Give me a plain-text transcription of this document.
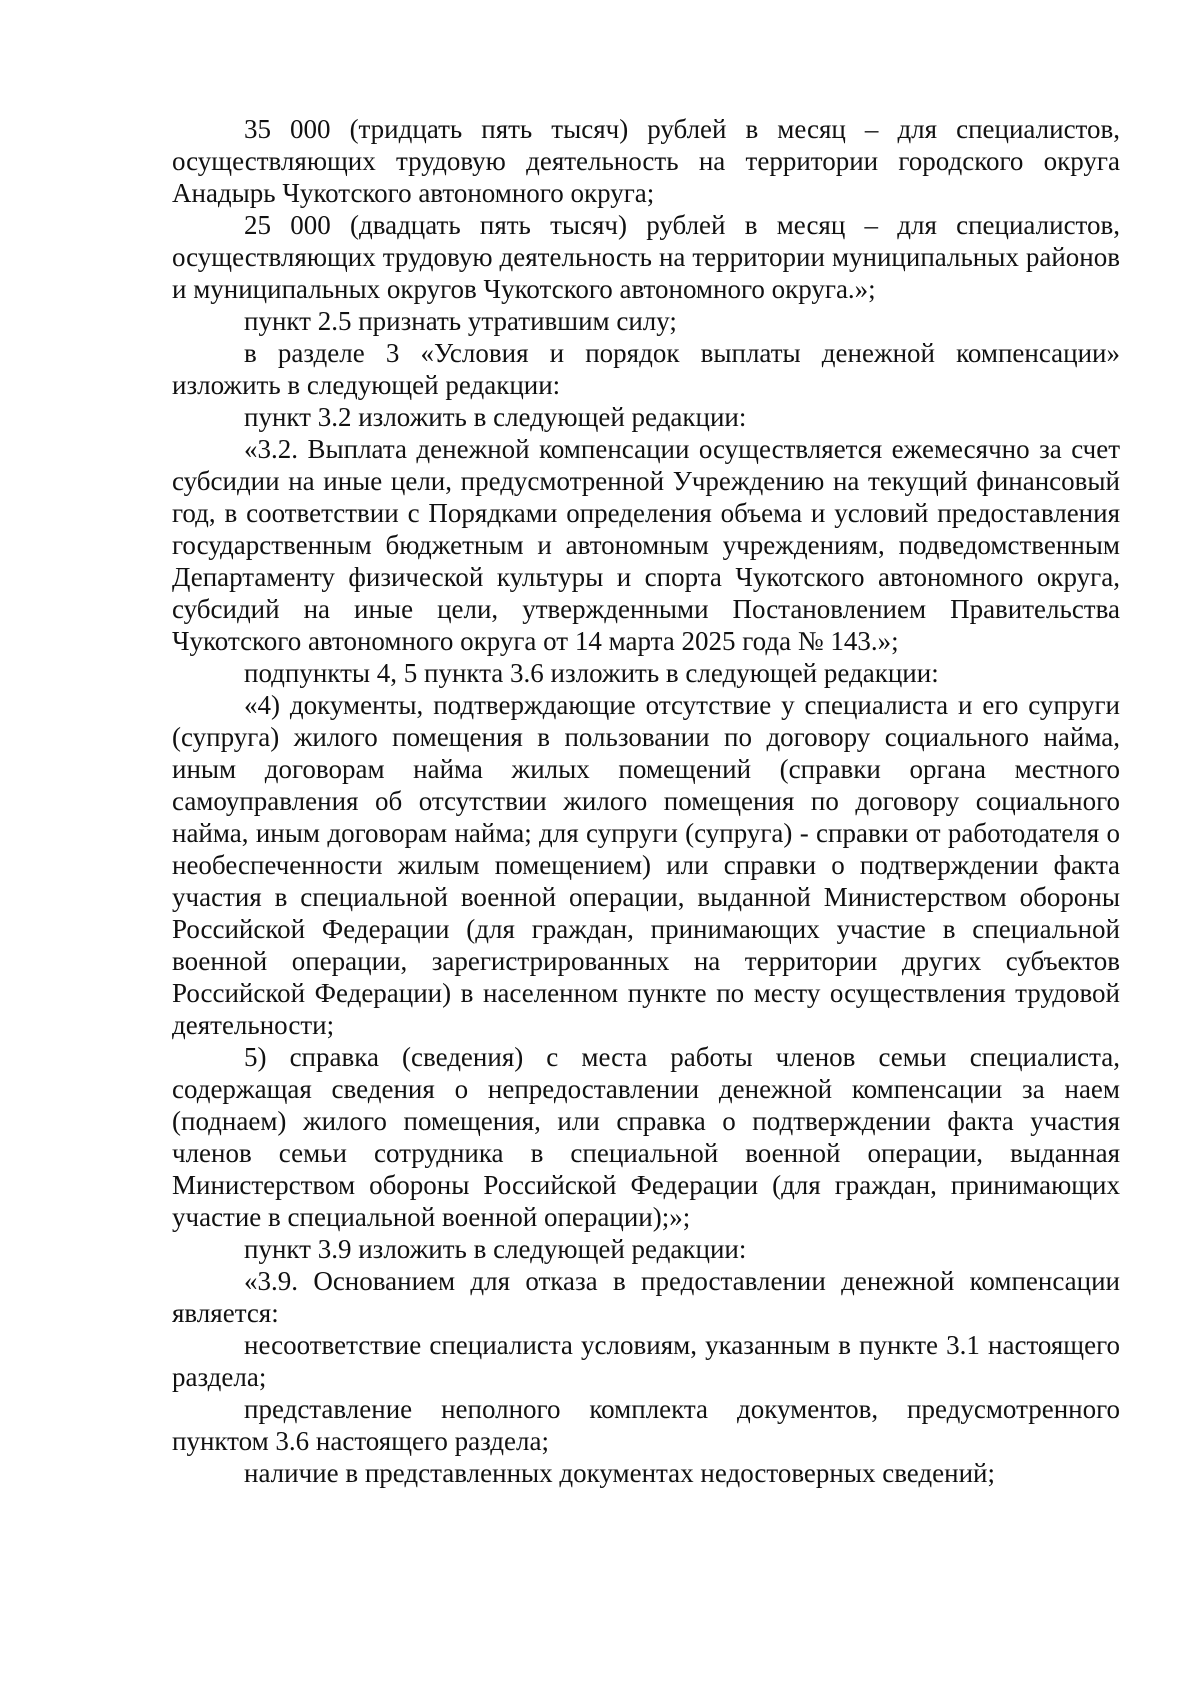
35 000 (тридцать пять тысяч) рублей в месяц – для специалистов, осуществляющих трудовую деятельность на территории городского округа Анадырь Чукотского автономного округа;

25 000 (двадцать пять тысяч) рублей в месяц – для специалистов, осуществляющих трудовую деятельность на территории муниципальных районов и муниципальных округов Чукотского автономного округа.»;

пункт 2.5 признать утратившим силу;

в разделе 3 «Условия и порядок выплаты денежной компенсации» изложить в следующей редакции:

пункт 3.2 изложить в следующей редакции:

«3.2. Выплата денежной компенсации осуществляется ежемесячно за счет субсидии на иные цели, предусмотренной Учреждению на текущий финансовый год, в соответствии с Порядками определения объема и условий предоставления государственным бюджетным и автономным учреждениям, подведомственным Департаменту физической культуры и спорта Чукотского автономного округа, субсидий на иные цели, утвержденными Постановлением Правительства Чукотского автономного округа от 14 марта 2025 года № 143.»;

подпункты 4, 5 пункта 3.6 изложить в следующей редакции:

«4) документы, подтверждающие отсутствие у специалиста и его супруги (супруга) жилого помещения в пользовании по договору социального найма, иным договорам найма жилых помещений (справки органа местного самоуправления об отсутствии жилого помещения по договору социального найма, иным договорам найма; для супруги (супруга) - справки от работодателя о необеспеченности жилым помещением) или справки о подтверждении факта участия в специальной военной операции, выданной Министерством обороны Российской Федерации (для граждан, принимающих участие в специальной военной операции, зарегистрированных на территории других субъектов Российской Федерации) в населенном пункте по месту осуществления трудовой деятельности;

5) справка (сведения) с места работы членов семьи специалиста, содержащая сведения о непредоставлении денежной компенсации за наем (поднаем) жилого помещения, или справка о подтверждении факта участия членов семьи сотрудника в специальной военной операции, выданная Министерством обороны Российской Федерации (для граждан, принимающих участие в специальной военной операции);»;

пункт 3.9 изложить в следующей редакции:

«3.9. Основанием для отказа в предоставлении денежной компенсации является:

несоответствие специалиста условиям, указанным в пункте 3.1 настоящего раздела;

представление неполного комплекта документов, предусмотренного пунктом 3.6 настоящего раздела;

наличие в представленных документах недостоверных сведений;
